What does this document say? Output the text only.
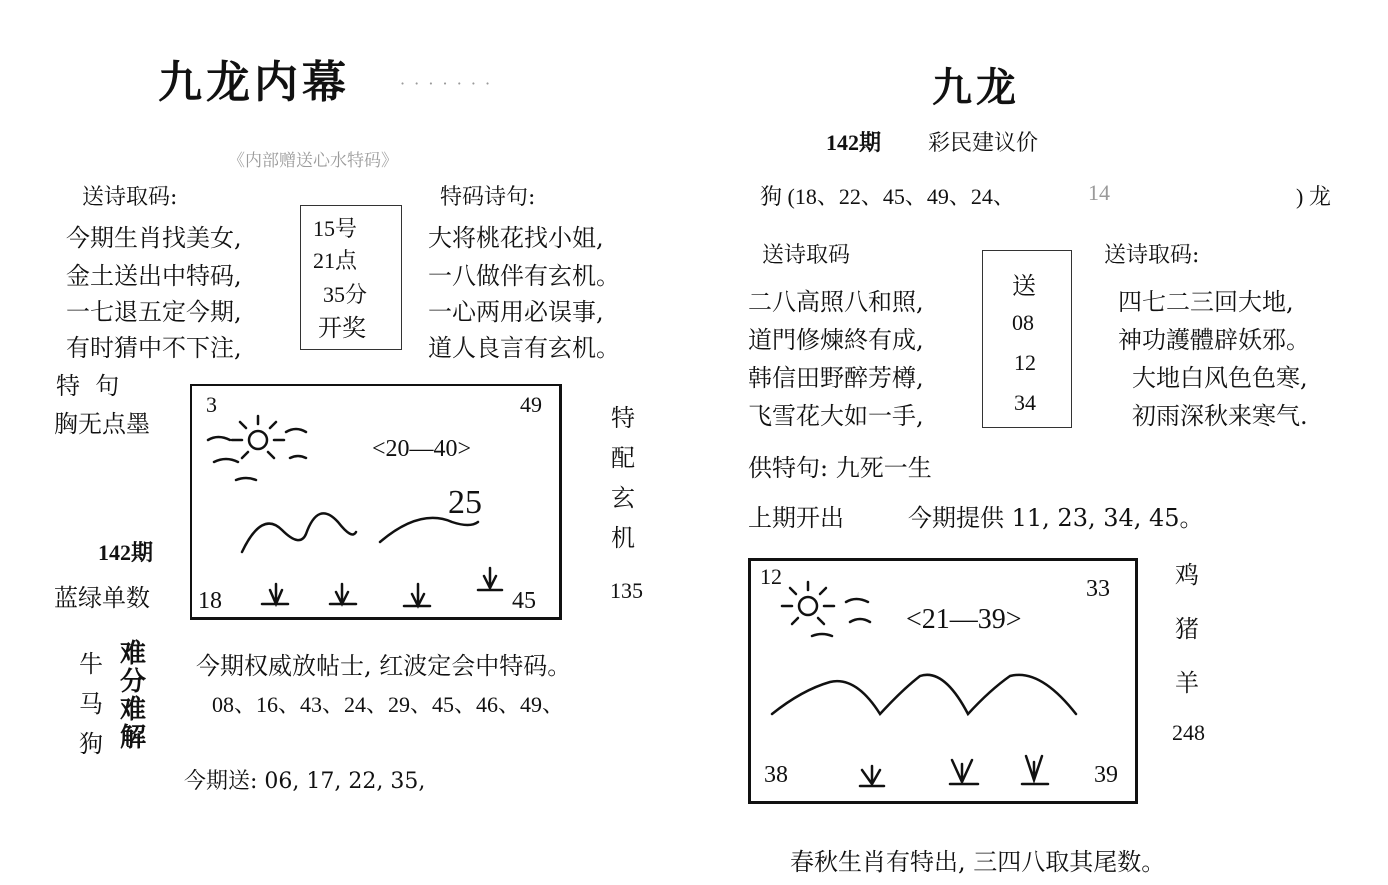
九龙内幕	· · · · · · ·
《内部赠送心水特码》
送诗取码:	特码诗句:
今期生肖找美女,
金土送出中特码,
一七退五定今期,
有时猜中不下注,
15号
21点
35分
开奖
大将桃花找小姐,
一八做伴有玄机。
一心两用必误事,
道人良言有玄机。
特  句
胸无点墨
142期
蓝绿单数
3	49
<20—40>
25
18	45
特
配
玄
机
135
牛
马
狗
难
分
难
解
今期权威放帖士, 红波定会中特码。
08、16、43、24、29、45、46、49、
今期送: 06, 17, 22, 35,
九龙
142期 彩民建议价
狗 (18、22、45、49、24、	14	) 龙
送诗取码	送诗取码:
二八高照八和照,
道門修煉終有成,
韩信田野醉芳樽,
飞雪花大如一手,
送
08
12
34
四七二三回大地,
神功護體辟妖邪。
大地白风色色寒,
初雨深秋来寒气.
供特句: 九死一生
上期开出	今期提供 11, 23, 34, 45。
12	33
<21—39>
38	39
鸡
猪
羊
248
春秋生肖有特出, 三四八取其尾数。
